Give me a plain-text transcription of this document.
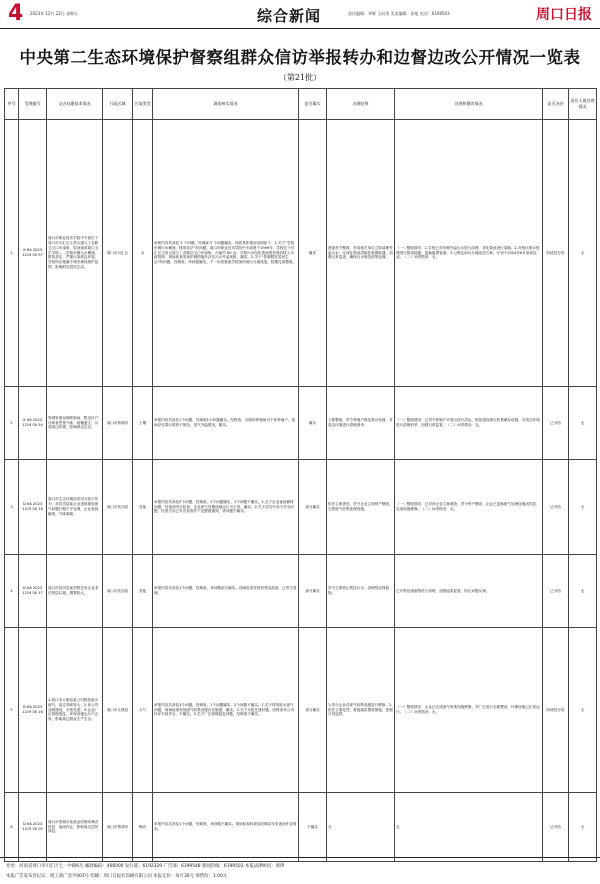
4 2023年 12月 22日 星期五	综合新闻	责任编辑：李辉 王同贵 美术编辑：张旭 电话：6199503	周口日报
中央第二生态环境保护督察组群众信访举报转办和边督边改公开情况一览表
（第21批）
序号	受理编号	交办问题基本情况	行政区域	污染类型	调查核实情况	是否属实	办理结果	处理和整改情况	是否办结	责任人被处理情况

1	X.HA 2023 1219 00 97	周口市职业技术学院中专部位于周口市川汇区文昌大道与工农路交叉口东南角，原河南省周口卫生学校……学校东侧污水横流，排放非法，严重污染周边环境，学校所在地属于城市黄线保护范围，影响附近居民生活。	周口市川汇区	水	举报内容共涉及 2 个问题。经调查 2 个问题属实。现将具体情况说明如下：1.关于“学校东侧污水横流，排放非法”的问题。周口市职业技术学院中专部建于1999年，学校位于川汇区文昌大道与工农路交叉口东南角，占地约 80 亩。学校污水经化粪池预处理后排入市政管网，现场检查发现东侧围墙外存在污水外溢现象，属实。2.关于“影响附近居民生活”的问题。经调查，该问题属实。下一步将督促学校加快雨污分流改造，按期完成整改。	属实	督促责令整改，责成相关单位立即清理外溢污水，完成化粪池清掏及管网疏通，加强日常巡查，确保污水规范收集处理。	（一）整改情况：1.学校已对东侧外溢污水进行清理，对化粪池进行清掏；2.对校区排水管网进行排查疏通，更换破损管道；3.已制定雨污分流改造方案，计划于2024年6月底前完成。（二）问责情况：无。	阶段性办结	无

2	X.HA 2023 1219 00 54	郑城家园北侧养殖场，附近住户反映有恶臭气味、蚊蝇滋生，污染周边环境，影响群众生活。	周口市郑城市	土壤	举报内容共涉及1个问题，经调查1个问题属实。经核查，反映的养殖场为个体养殖户，现场存在粪污堆放不规范、臭气外溢情况，属实。	属实	立即整改，责令养殖户规范粪污处理，对周边环境进行清理消杀。	（一）整改情况：已责令养殖户对粪污进行清运，规范建设粪污收集储存设施，对周边环境进行清理消杀，加强日常监管。（二）问责情况：无。	已办结	无

3	D.HA 2023 1219 00 18	周口市生态环境局扶沟分局不作为，对扶沟县某企业违规排放废气问题长期不予处理，企业夜间偷排，气味刺鼻。	周口市扶沟县	其他	举报内容共涉及2个问题，经调查，1个问题属实，1个问题不属实。1.关于企业夜间偷排问题，经夜间突击检查，企业废气处理设施运行不正常，属实。2.关于扶沟分局不作为问题，经查分局已多次检查并下达整改通知，该问题不属实。	部分属实	依法立案查处，责令企业立即停产整改，完善废气收集处理设施。	（一）整改情况：已对该企业立案调查，责令停产整改；企业已更换废气处理设施活性炭，完成设施维修。（二）问责情况：无。	已办结	无

4	D.HA 2023 1219 00 17	周口市扶沟县某村附近有企业非法焚烧垃圾，烟雾较大。	周口市扶沟县	其他	举报内容共涉及1个问题，经调查，该问题部分属实。现场检查发现有焚烧痕迹，已责令清理。	部分属实	责令立即停止焚烧行为，清理焚烧残留物。	已对焚烧残留物进行清理，加强巡查监管，防止问题反弹。	已办结	无

5	D.HA 2023 1219 00 16	1.周口市太康县某公司排放废水废气，周边异味较大；2.该公司违规建设，未批先建；3.企业厂区管理混乱，环保设施运行不正常，影响周边群众生产生活。	周口市太康县	大气	举报内容共涉及3个问题，经调查，1个问题属实，2个问题不属实。1.关于排放废水废气问题，现场检查发现废气收集设施存在破损，属实。2.关于未批先建问题，经核查该公司环评手续齐全，不属实。3.关于厂区管理混乱问题，经核查不属实。	部分属实	1.责令企业对废气收集设施进行维修；2.依法立案处罚，督促落实整改措施，加强日常监管。	（一）整改情况：企业已完成废气收集设施维修，对厂区进行全面整治，环保设施已正常运行。（二）问责情况：无。	阶段性办结	无

6	D.HA 2023 1219 00 05	周口市郑城市某废品收购站噪音扰民，夜间作业，影响周边居民休息。	周口市郑城市	噪音	举报内容共涉及1个问题，经调查，该问题不属实。现场检查时废品收购站未见夜间作业情况。	不属实	无	无	已办结	无
社址：河南省周口市川汇区七一中路6号 邮政编码：466000 发行部：6192329 广告部：6199548 新闻热线：6199503 本报法律顾问：梁律
本报广告发布登记证：周工商广登字001号 印刷：周口日报社印刷有限公司 本报定价：每月30元 零售价：1.00元
